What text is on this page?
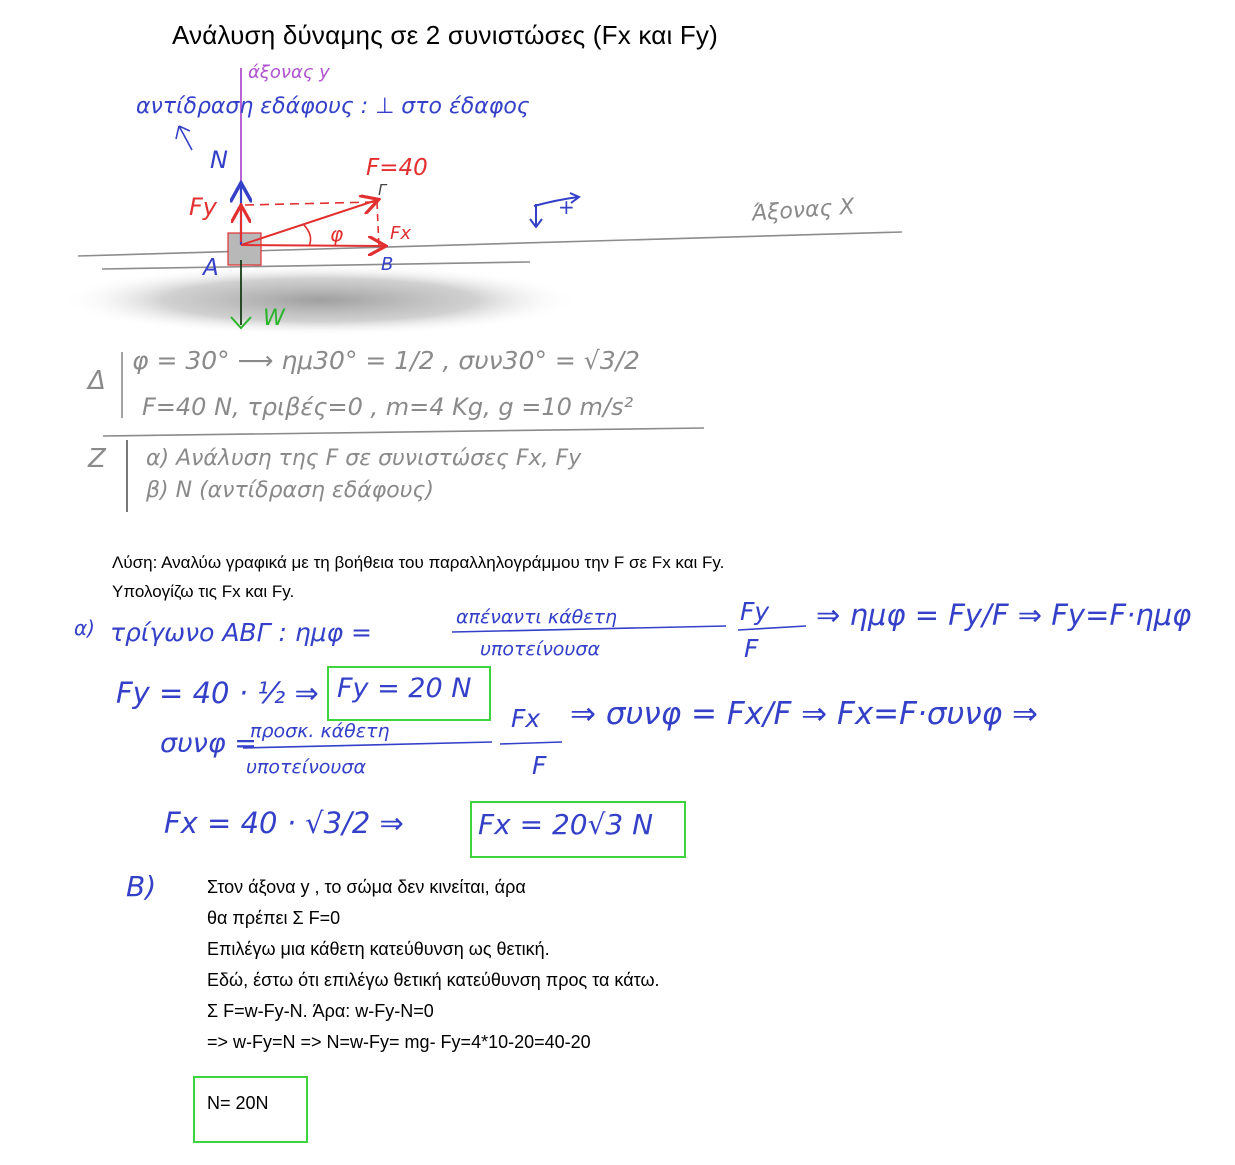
Ανάλυση δύναμης σε 2 συνιστώσες (Fx και Fy)
άξονας y
αντίδραση εδάφους : ⊥ στο έδαφος
N	F=40
Fy
Fx
φ
A	B
Γ
W
+	Άξονας X
Δ
φ = 30° ⟶ ημ30° = 1/2 , συν30° = √3/2
F=40 N, τριβές=0 , m=4 Kg, g =10 m/s²
Z α) Ανάλυση της F σε συνιστώσες Fx, Fy
β) N (αντίδραση εδάφους)
Λύση: Αναλύω γραφικά με τη βοήθεια του παραλληλογράμμου την F σε Fx και Fy.
Υπολογίζω τις Fx και Fy.
α) τρίγωνο ABΓ : ημφ =
απέναντι κάθετη
υποτείνουσα
Fy
F
⇒ ημφ = Fy/F ⇒ Fy=F·ημφ
Fy = 40 · ½ ⇒ Fy = 20 N
συνφ =
προσκ. κάθετη
υποτείνουσα
Fx
F
⇒ συνφ = Fx/F ⇒ Fx=F·συνφ ⇒
Fx = 40 · √3/2 ⇒	Fx = 20√3 N
B)	Στον άξονα y , το σώμα δεν κινείται, άρα
θα πρέπει Σ F=0
Επιλέγω μια κάθετη κατεύθυνση ως θετική.
Εδώ, έστω ότι επιλέγω θετική κατεύθυνση προς τα κάτω.
Σ F=w-Fy-N. Άρα: w-Fy-N=0
=> w-Fy=N => N=w-Fy= mg- Fy=4*10-20=40-20
N= 20N
